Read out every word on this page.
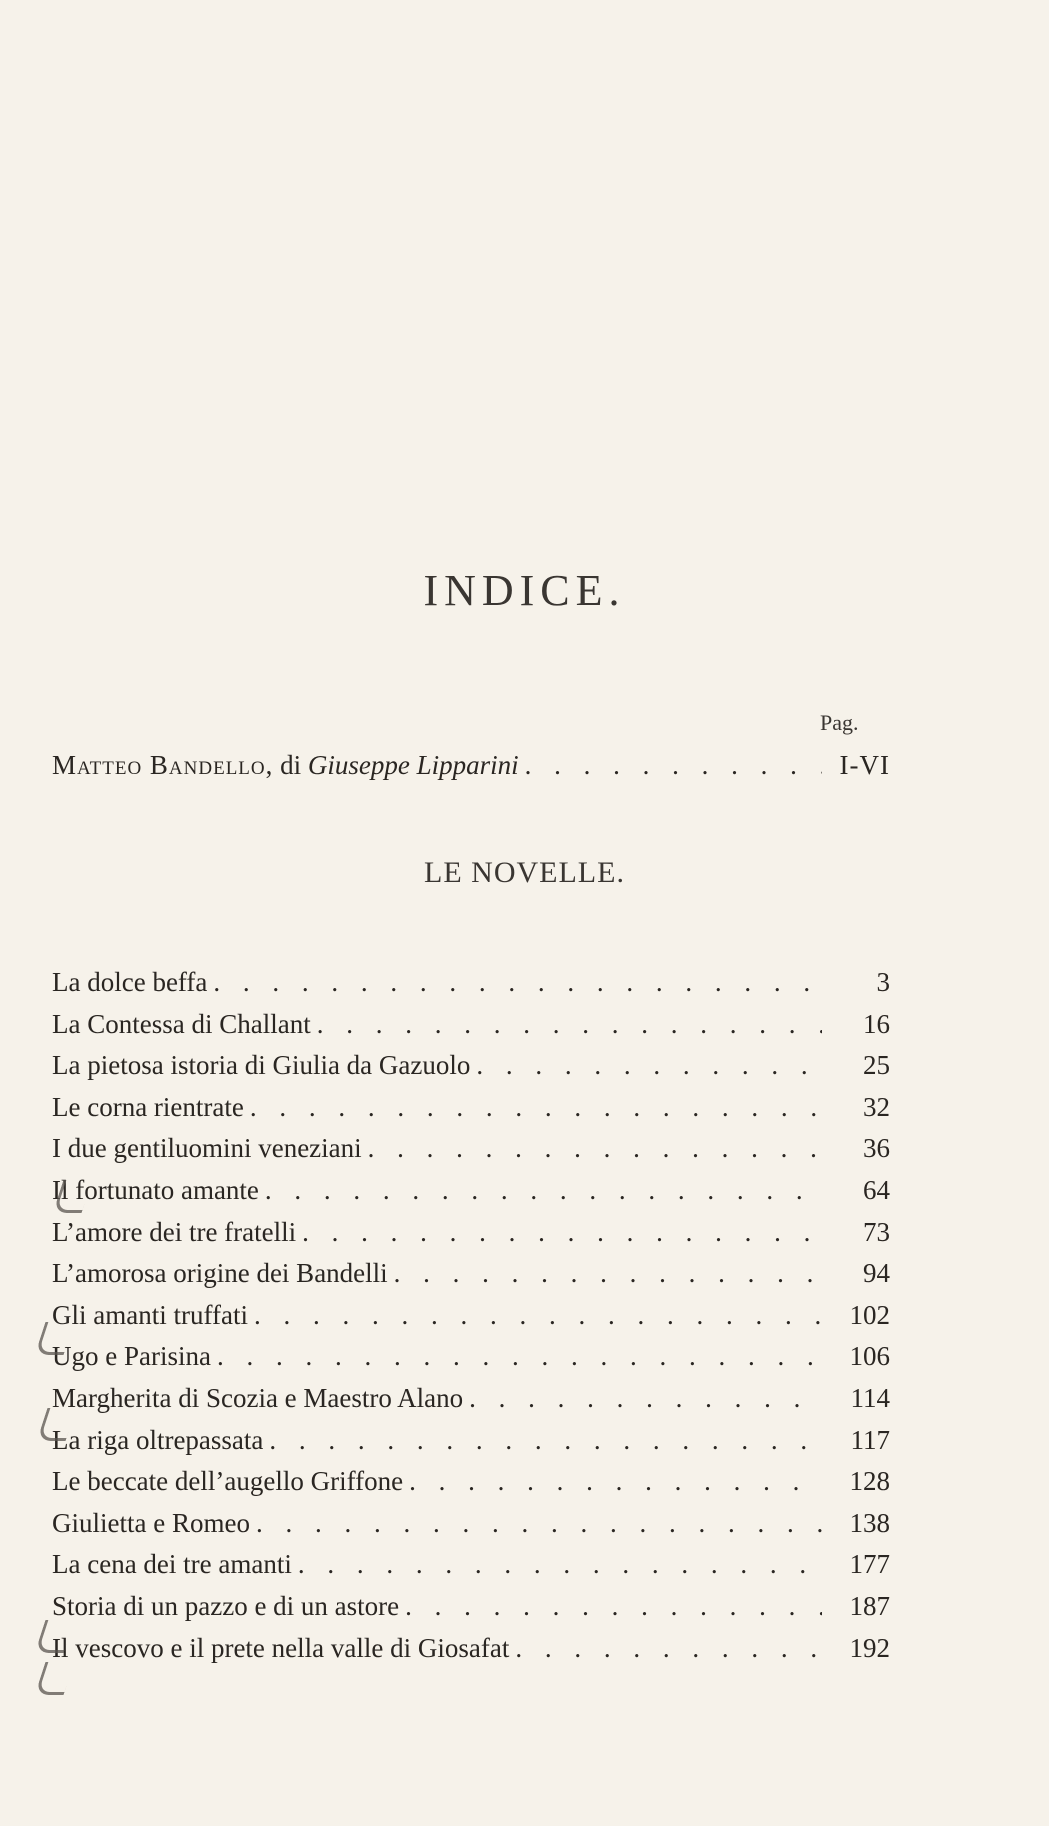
INDICE.
Pag.
Matteo Bandello, di Giuseppe Lipparini . . .	I-VI
LE NOVELLE.
La dolce beffa . . .	3
La Contessa di Challant . . .	16
La pietosa istoria di Giulia da Gazuolo . . .	25
Le corna rientrate . . .	32
I due gentiluomini veneziani . . .	36
Il fortunato amante . . .	64
L’amore dei tre fratelli . . .	73
L’amorosa origine dei Bandelli . . .	94
Gli amanti truffati . . .	102
Ugo e Parisina . . .	106
Margherita di Scozia e Maestro Alano . . .	114
La riga oltrepassata . . .	117
Le beccate dell’augello Griffone . . .	128
Giulietta e Romeo . . .	138
La cena dei tre amanti . . .	177
Storia di un pazzo e di un astore . . .	187
Il vescovo e il prete nella valle di Giosafat . . .	192
